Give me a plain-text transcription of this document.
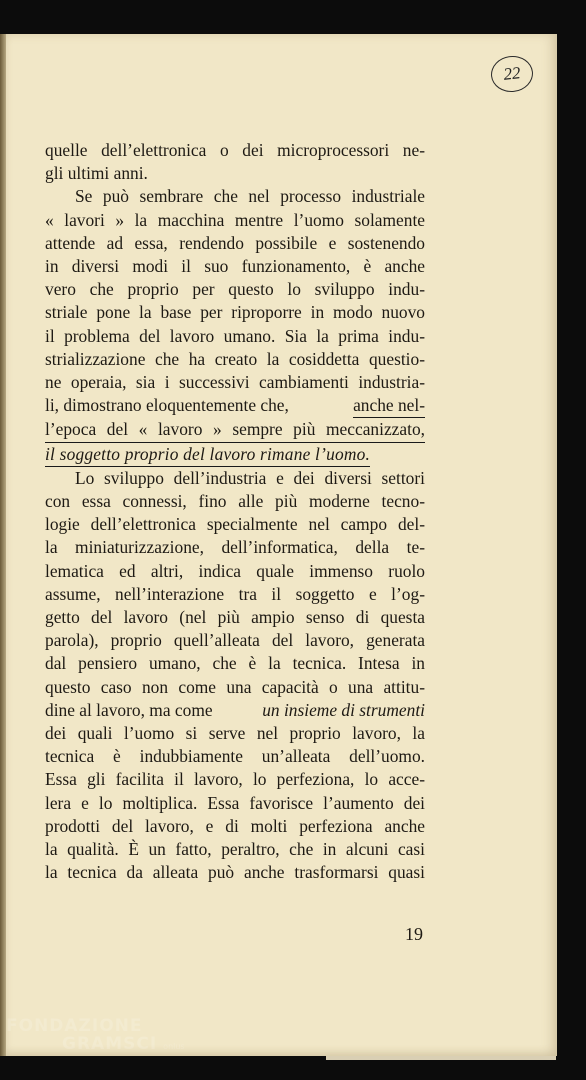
22
quelle dell’elettronica o dei microprocessori ne-
gli ultimi anni.
Se può sembrare che nel processo industriale
« lavori » la macchina mentre l’uomo solamente
attende ad essa, rendendo possibile e sostenendo
in diversi modi il suo funzionamento, è anche
vero che proprio per questo lo sviluppo indu-
striale pone la base per riproporre in modo nuovo
il problema del lavoro umano. Sia la prima indu-
strializzazione che ha creato la cosiddetta questio-
ne operaia, sia i successivi cambiamenti industria-
li, dimostrano eloquentemente che,	anche nel-
l’epoca del « lavoro » sempre più meccanizzato,
il soggetto proprio del lavoro rimane l’uomo.
Lo sviluppo dell’industria e dei diversi settori
con essa connessi, fino alle più moderne tecno-
logie dell’elettronica specialmente nel campo del-
la miniaturizzazione, dell’informatica, della te-
lematica ed altri, indica quale immenso ruolo
assume, nell’interazione tra il soggetto e l’og-
getto del lavoro (nel più ampio senso di questa
parola), proprio quell’alleata del lavoro, generata
dal pensiero umano, che è la tecnica. Intesa in
questo caso non come una capacità o una attitu-
dine al lavoro, ma come	un insieme di strumenti
dei quali l’uomo si serve nel proprio lavoro, la
tecnica è indubbiamente un’alleata dell’uomo.
Essa gli facilita il lavoro, lo perfeziona, lo acce-
lera e lo moltiplica. Essa favorisce l’aumento dei
prodotti del lavoro, e di molti perfeziona anche
la qualità. È un fatto, peraltro, che in alcuni casi
la tecnica da alleata può anche trasformarsi quasi
19
FONDAZIONE
GRAMSCI onlus
